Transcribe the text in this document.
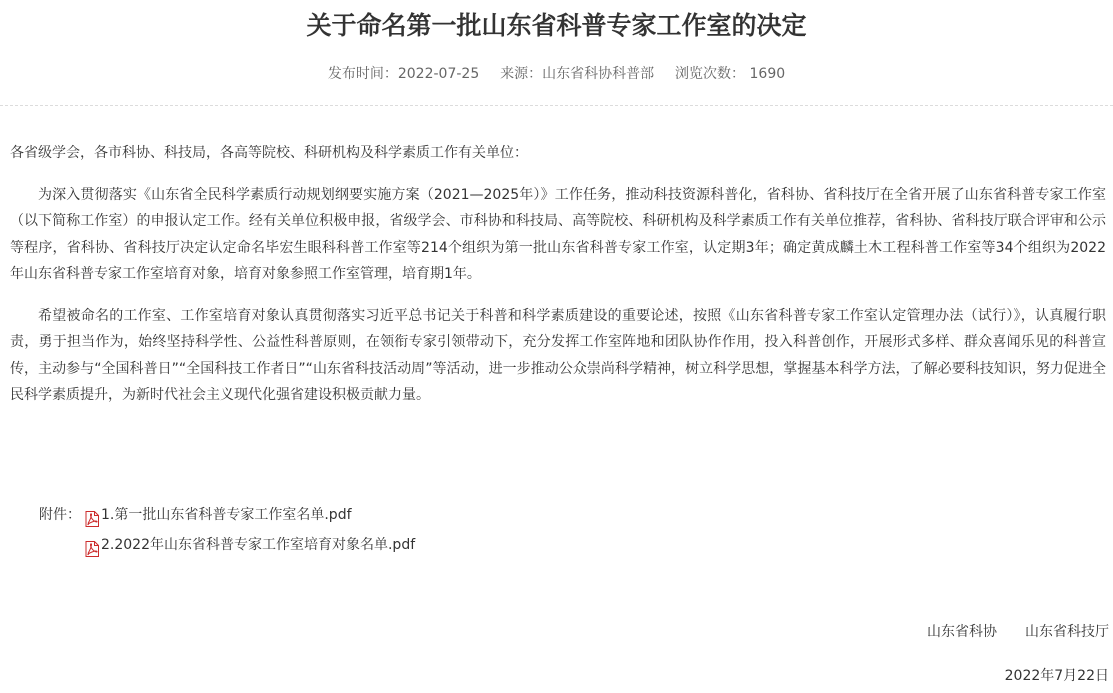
关于命名第一批山东省科普专家工作室的决定
发布时间：2022-07-25 来源：山东省科协科普部 浏览次数： 1690

各省级学会，各市科协、科技局，各高等院校、科研机构及科学素质工作有关单位：

为深入贯彻落实《山东省全民科学素质行动规划纲要实施方案（2021—2025年）》工作任务，推动科技资源科普化，省科协、省科技厅在全省开展了山东省科普专家工作室（以下简称工作室）的申报认定工作。经有关单位积极申报，省级学会、市科协和科技局、高等院校、科研机构及科学素质工作有关单位推荐，省科协、省科技厅联合评审和公示等程序，省科协、省科技厅决定认定命名毕宏生眼科科普工作室等214个组织为第一批山东省科普专家工作室，认定期3年；确定黄成麟土木工程科普工作室等34个组织为2022年山东省科普专家工作室培育对象，培育对象参照工作室管理，培育期1年。

希望被命名的工作室、工作室培育对象认真贯彻落实习近平总书记关于科普和科学素质建设的重要论述，按照《山东省科普专家工作室认定管理办法（试行）》，认真履行职责，勇于担当作为，始终坚持科学性、公益性科普原则，在领衔专家引领带动下，充分发挥工作室阵地和团队协作作用，投入科普创作，开展形式多样、群众喜闻乐见的科普宣传，主动参与“全国科普日”“全国科技工作者日”“山东省科技活动周”等活动，进一步推动公众崇尚科学精神，树立科学思想，掌握基本科学方法，了解必要科技知识，努力促进全民科学素质提升，为新时代社会主义现代化强省建设积极贡献力量。

附件： 1.第一批山东省科普专家工作室名单.pdf
2.2022年山东省科普专家工作室培育对象名单.pdf
山东省科协 山东省科技厅
2022年7月22日
